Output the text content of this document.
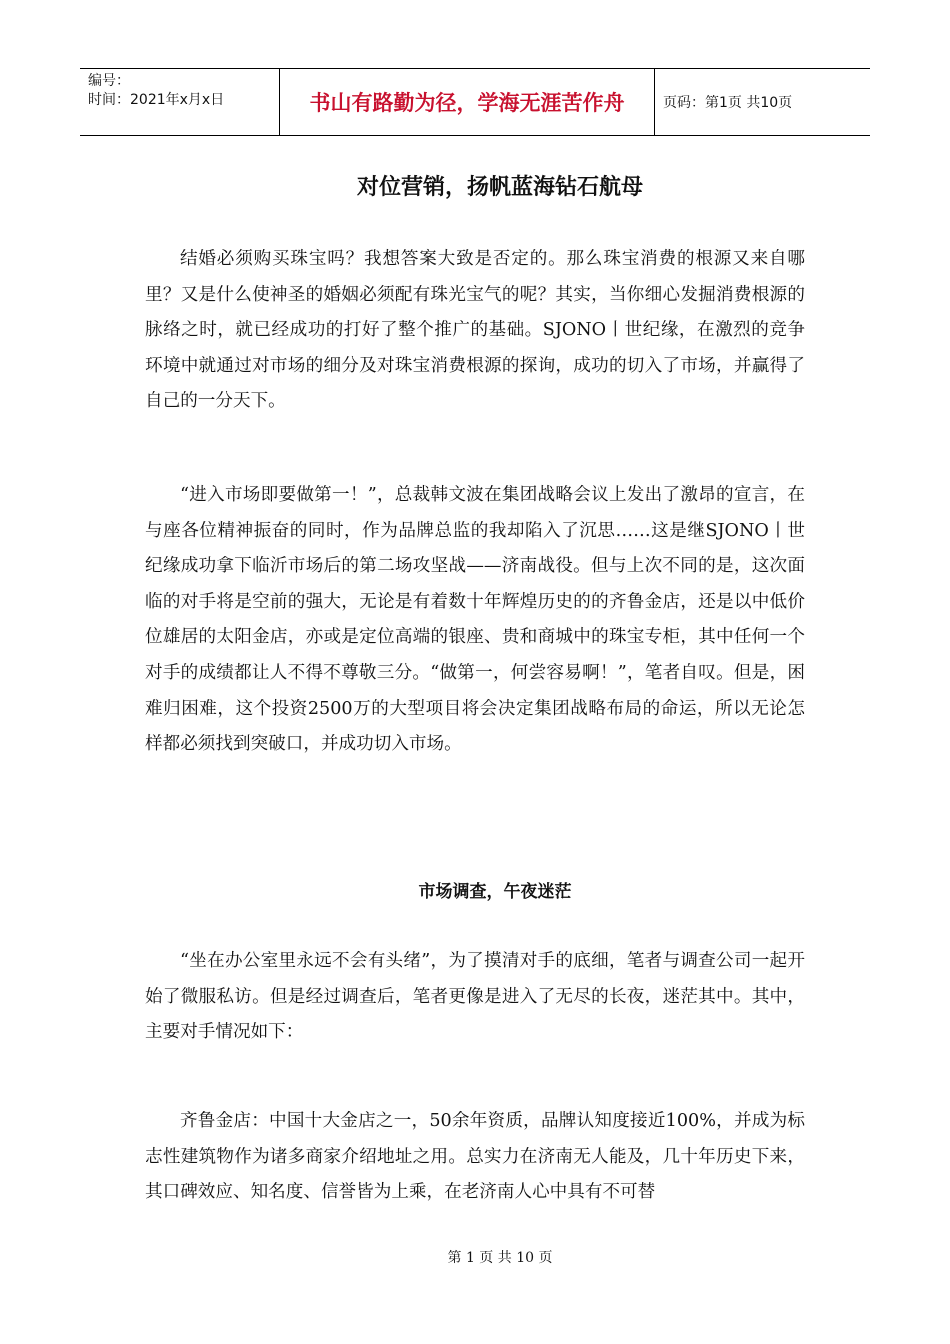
编号：
时间：2021年x月x日	书山有路勤为径，学海无涯苦作舟	页码：第1页 共10页
对位营销，扬帆蓝海钻石航母

结婚必须购买珠宝吗？我想答案大致是否定的。那么珠宝消费的根源又来自哪里？又是什么使神圣的婚姻必须配有珠光宝气的呢？其实，当你细心发掘消费根源的脉络之时，就已经成功的打好了整个推广的基础。SJONO丨世纪缘，在激烈的竞争环境中就通过对市场的细分及对珠宝消费根源的探询，成功的切入了市场，并赢得了自己的一分天下。

“进入市场即要做第一！”，总裁韩文波在集团战略会议上发出了激昂的宣言，在与座各位精神振奋的同时，作为品牌总监的我却陷入了沉思……这是继SJONO丨世纪缘成功拿下临沂市场后的第二场攻坚战——济南战役。但与上次不同的是，这次面临的对手将是空前的强大，无论是有着数十年辉煌历史的的齐鲁金店，还是以中低价位雄居的太阳金店，亦或是定位高端的银座、贵和商城中的珠宝专柜，其中任何一个对手的成绩都让人不得不尊敬三分。“做第一，何尝容易啊！”，笔者自叹。但是，困难归困难，这个投资2500万的大型项目将会决定集团战略布局的命运，所以无论怎样都必须找到突破口，并成功切入市场。

市场调查，午夜迷茫

“坐在办公室里永远不会有头绪”，为了摸清对手的底细，笔者与调查公司一起开始了微服私访。但是经过调查后，笔者更像是进入了无尽的长夜，迷茫其中。其中，主要对手情况如下：

齐鲁金店：中国十大金店之一，50余年资质，品牌认知度接近100%，并成为标志性建筑物作为诸多商家介绍地址之用。总实力在济南无人能及，几十年历史下来，其口碑效应、知名度、信誉皆为上乘，在老济南人心中具有不可替

第 1 页 共 10 页
